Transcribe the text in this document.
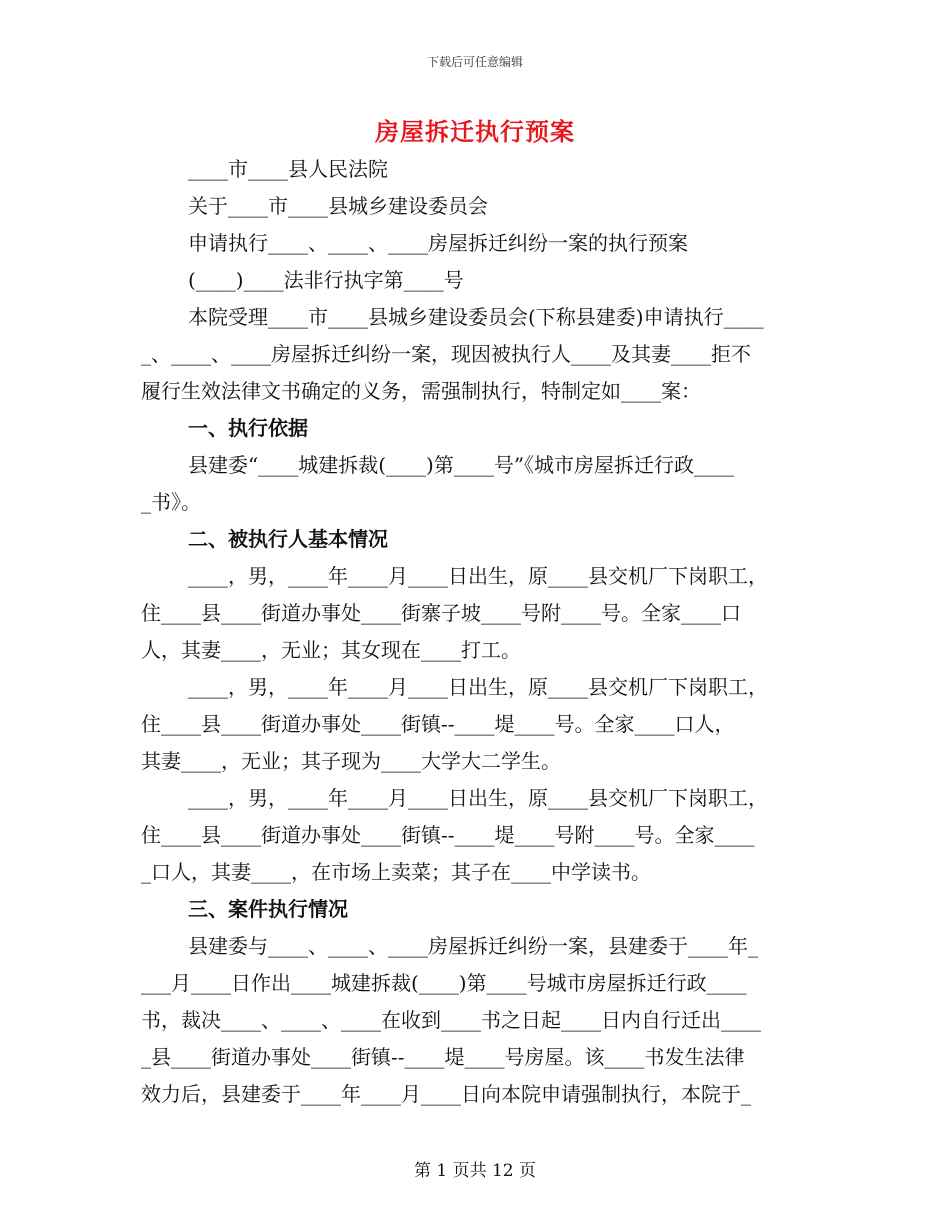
下载后可任意编辑
房屋拆迁执行预案
____市____县人民法院
关于____市____县城乡建设委员会
申请执行____、____、____房屋拆迁纠纷一案的执行预案
(____)____法非行执字第____号
本院受理____市____县城乡建设委员会(下称县建委)申请执行____
_、____、____房屋拆迁纠纷一案，现因被执行人____及其妻____拒不
履行生效法律文书确定的义务，需强制执行，特制定如____案：
一、执行依据
县建委“____城建拆裁(____)第____号”《城市房屋拆迁行政____
_书》。
二、被执行人基本情况
____，男，____年____月____日出生，原____县交机厂下岗职工，
住____县____街道办事处____街寨子坡____号附____号。全家____口
人，其妻____，无业；其女现在____打工。
____，男，____年____月____日出生，原____县交机厂下岗职工，
住____县____街道办事处____街镇--____堤____号。全家____口人，
其妻____，无业；其子现为____大学大二学生。
____，男，____年____月____日出生，原____县交机厂下岗职工，
住____县____街道办事处____街镇--____堤____号附____号。全家____
_口人，其妻____，在市场上卖菜；其子在____中学读书。
三、案件执行情况
县建委与____、____、____房屋拆迁纠纷一案，县建委于____年_
___月____日作出____城建拆裁(____)第____号城市房屋拆迁行政____
书，裁决____、____、____在收到____书之日起____日内自行迁出____
_县____街道办事处____街镇--____堤____号房屋。该____书发生法律
效力后，县建委于____年____月____日向本院申请强制执行，本院于_
第 1 页共 12 页
